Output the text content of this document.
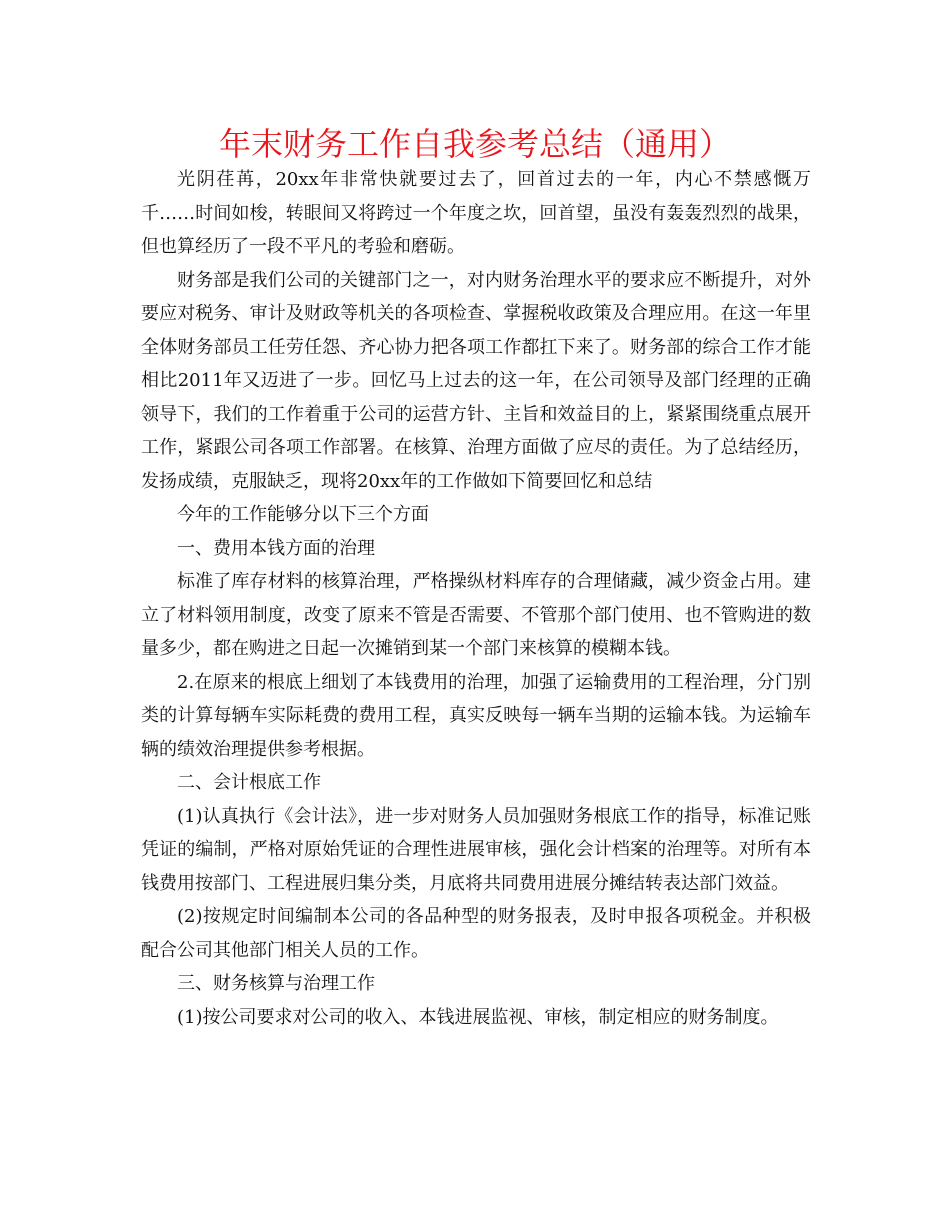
年末财务工作自我参考总结（通用）

光阴荏苒，20xx年非常快就要过去了，回首过去的一年，内心不禁感慨万千……时间如梭，转眼间又将跨过一个年度之坎，回首望，虽没有轰轰烈烈的战果，但也算经历了一段不平凡的考验和磨砺。

财务部是我们公司的关键部门之一，对内财务治理水平的要求应不断提升，对外要应对税务、审计及财政等机关的各项检查、掌握税收政策及合理应用。在这一年里全体财务部员工任劳任怨、齐心协力把各项工作都扛下来了。财务部的综合工作才能相比2011年又迈进了一步。回忆马上过去的这一年，在公司领导及部门经理的正确领导下，我们的工作着重于公司的运营方针、主旨和效益目的上，紧紧围绕重点展开工作，紧跟公司各项工作部署。在核算、治理方面做了应尽的责任。为了总结经历，发扬成绩，克服缺乏，现将20xx年的工作做如下简要回忆和总结

今年的工作能够分以下三个方面

一、费用本钱方面的治理

标准了库存材料的核算治理，严格操纵材料库存的合理储藏，减少资金占用。建立了材料领用制度，改变了原来不管是否需要、不管那个部门使用、也不管购进的数量多少，都在购进之日起一次摊销到某一个部门来核算的模糊本钱。

2.在原来的根底上细划了本钱费用的治理，加强了运输费用的工程治理，分门别类的计算每辆车实际耗费的费用工程，真实反映每一辆车当期的运输本钱。为运输车辆的绩效治理提供参考根据。

二、会计根底工作

(1)认真执行《会计法》，进一步对财务人员加强财务根底工作的指导，标准记账凭证的编制，严格对原始凭证的合理性进展审核，强化会计档案的治理等。对所有本钱费用按部门、工程进展归集分类，月底将共同费用进展分摊结转表达部门效益。

(2)按规定时间编制本公司的各品种型的财务报表，及时申报各项税金。并积极配合公司其他部门相关人员的工作。

三、财务核算与治理工作

(1)按公司要求对公司的收入、本钱进展监视、审核，制定相应的财务制度。
